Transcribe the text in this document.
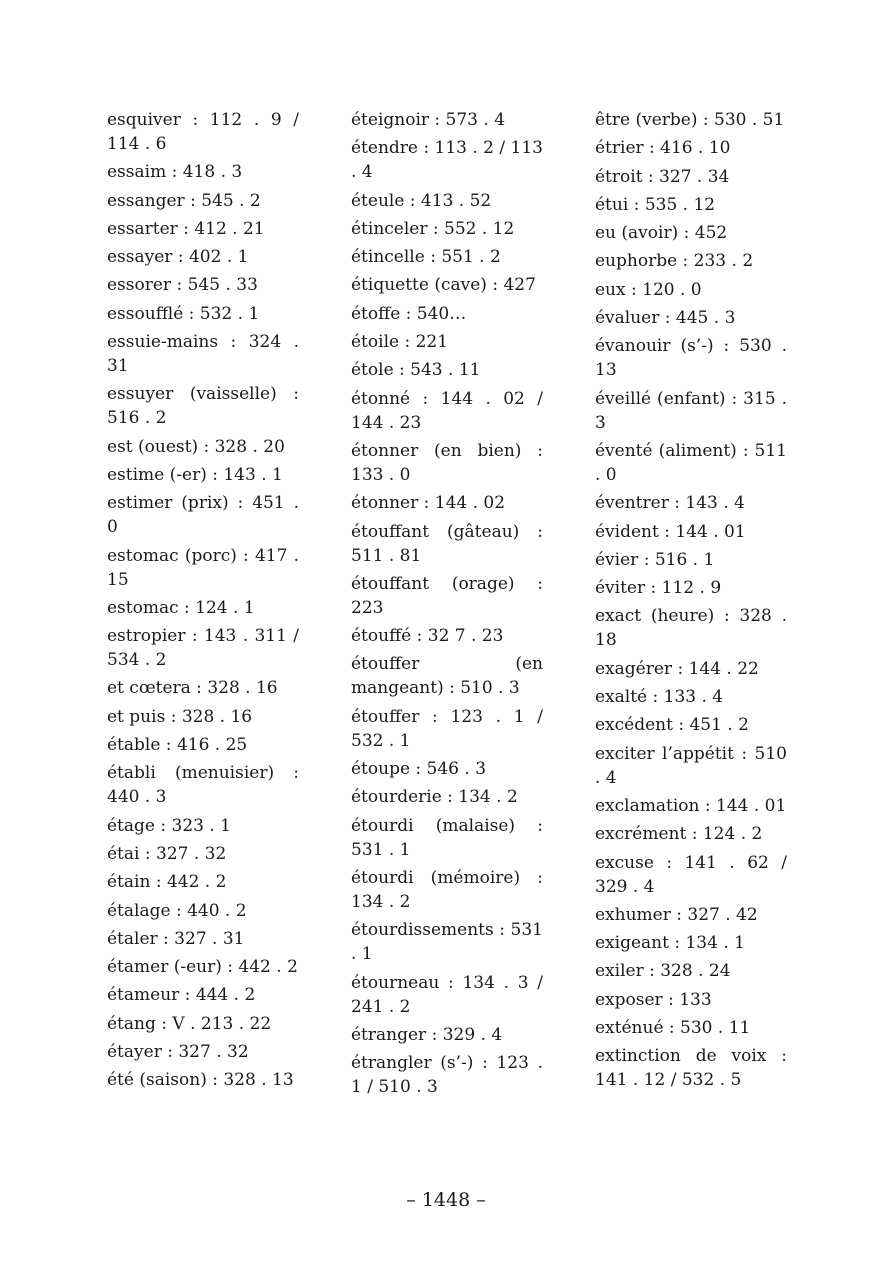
esquiver : 112 . 9 / 114 . 6
essaim : 418 . 3
essanger : 545 . 2
essarter : 412 . 21
essayer : 402 . 1
essorer : 545 . 33
essoufflé : 532 . 1
essuie-mains : 324 . 31
essuyer (vaisselle) : 516 . 2
est (ouest) : 328 . 20
estime (-er) : 143 . 1
estimer (prix) : 451 . 0
estomac (porc) : 417 . 15
estomac : 124 . 1
estropier : 143 . 311 / 534 . 2
et cœtera : 328 . 16
et puis : 328 . 16
étable : 416 . 25
établi (menuisier) : 440 . 3
étage : 323 . 1
étai : 327 . 32
étain : 442 . 2
étalage : 440 . 2
étaler : 327 . 31
étamer (-eur) : 442 . 2
étameur : 444 . 2
étang : V . 213 . 22
étayer : 327 . 32
été (saison) : 328 . 13
éteignoir : 573 . 4
étendre : 113 . 2 / 113 . 4
éteule : 413 . 52
étinceler : 552 . 12
étincelle : 551 . 2
étiquette (cave) : 427
étoffe : 540…
étoile : 221
étole : 543 . 11
étonné : 144 . 02 / 144 . 23
étonner (en bien) : 133 . 0
étonner : 144 . 02
étouffant (gâteau) : 511 . 81
étouffant (orage) : 223
étouffé : 32 7 . 23
étouffer (en mangeant) : 510 . 3
étouffer : 123 . 1 / 532 . 1
étoupe : 546 . 3
étourderie : 134 . 2
étourdi (malaise) : 531 . 1
étourdi (mémoire) : 134 . 2
étourdissements : 531 . 1
étourneau : 134 . 3 / 241 . 2
étranger : 329 . 4
étrangler (s’-) : 123 . 1 / 510 . 3
être (verbe) : 530 . 51
étrier : 416 . 10
étroit : 327 . 34
étui : 535 . 12
eu (avoir) : 452
euphorbe : 233 . 2
eux : 120 . 0
évaluer : 445 . 3
évanouir (s’-) : 530 . 13
éveillé (enfant) : 315 . 3
éventé (aliment) : 511 . 0
éventrer : 143 . 4
évident : 144 . 01
évier : 516 . 1
éviter : 112 . 9
exact (heure) : 328 . 18
exagérer : 144 . 22
exalté : 133 . 4
excédent : 451 . 2
exciter l’appétit : 510 . 4
exclamation : 144 . 01
excrément : 124 . 2
excuse : 141 . 62 / 329 . 4
exhumer : 327 . 42
exigeant : 134 . 1
exiler : 328 . 24
exposer : 133
exténué : 530 . 11
extinction de voix : 141 . 12 / 532 . 5
– 1448 –
